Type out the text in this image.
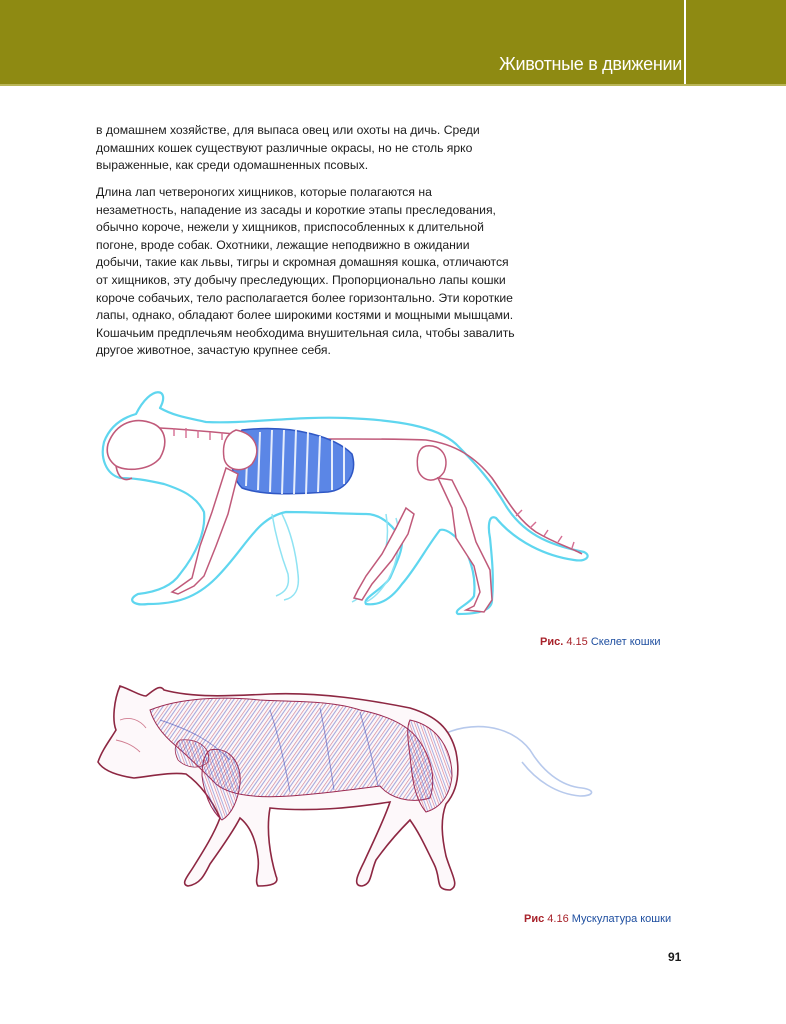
Животные в движении

в домашнем хозяйстве, для выпаса овец или охоты на дичь. Среди

домашних кошек существуют различные окрасы, но не столь ярко

выраженные, как среди одомашненных псовых.

Длина лап четвероногих хищников, которые полагаются на

незаметность, нападение из засады и короткие этапы преследования,

обычно короче, нежели у хищников, приспособленных к длительной

погоне, вроде собак. Охотники, лежащие неподвижно в ожидании

добычи, такие как львы, тигры и скромная домашняя кошка, отличаются

от хищников, эту добычу преследующих. Пропорционально лапы кошки

короче собачьих, тело располагается более горизонтально. Эти короткие

лапы, однако, обладают более широкими костями и мощными мышцами.

Кошачьим предплечьям необходима внушительная сила, чтобы завалить

другое животное, зачастую крупнее себя.

Рис. 4.15 Скелет кошки
Рис 4.16 Мускулатура кошки
91
